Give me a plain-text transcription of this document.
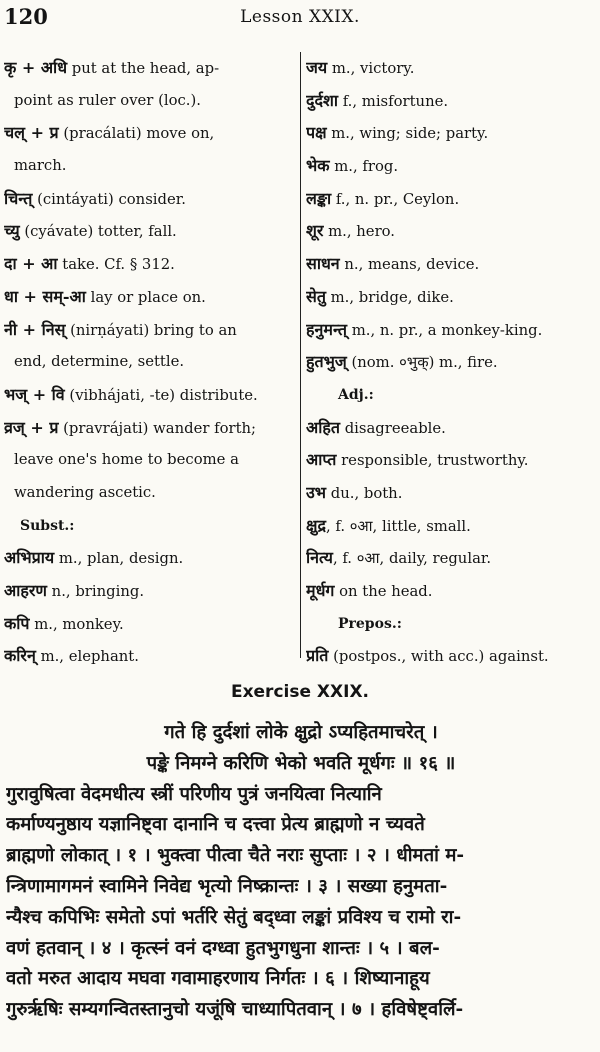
120	Lesson XXIX.
कृ + अधि put at the head, ap-
point as ruler over (loc.).
चल् + प्र (pracálati) move on,
march.
चिन्त् (cintáyati) consider.
च्यु (cyávate) totter, fall.
दा + आ take. Cf. § 312.
धा + सम्-आ lay or place on.
नी + निस् (nirṇáyati) bring to an
end, determine, settle.
भज् + वि (vibhájati, -te) distribute.
व्रज् + प्र (pravrájati) wander forth;
leave one's home to become a
wandering ascetic.
Subst.:
अभिप्राय m., plan, design.
आहरण n., bringing.
कपि m., monkey.
करिन् m., elephant.
जय m., victory.
दुर्दशा f., misfortune.
पक्ष m., wing; side; party.
भेक m., frog.
लङ्का f., n. pr., Ceylon.
शूर m., hero.
साधन n., means, device.
सेतु m., bridge, dike.
हनुमन्त् m., n. pr., a monkey-king.
हुतभुज् (nom. ०भुक्) m., fire.
Adj.:
अहित disagreeable.
आप्त responsible, trustworthy.
उभ du., both.
क्षुद्र, f. ०आ, little, small.
नित्य, f. ०आ, daily, regular.
मूर्धग on the head.
Prepos.:
प्रति (postpos., with acc.) against.
Exercise XXIX.
गते हि दुर्दशां लोके क्षुद्रो ऽप्यहितमाचरेत् ।
पङ्के निमग्ने करिणि भेको भवति मूर्धगः ॥ १६ ॥
गुरावुषित्वा वेदमधीत्य स्त्रीं परिणीय पुत्रं जनयित्वा नित्यानि
कर्माण्यनुष्ठाय यज्ञानिष्ट्वा दानानि च दत्त्वा प्रेत्य ब्राह्मणो न च्यवते
ब्राह्मणो लोकात् । १ । भुक्त्वा पीत्वा चैते नराः सुप्ताः । २ । धीमतां म-
न्त्रिणामागमनं स्वामिने निवेद्य भृत्यो निष्क्रान्तः । ३ । सख्या हनुमता-
न्यैश्च कपिभिः समेतो ऽपां भर्तरि सेतुं बद्ध्वा लङ्कां प्रविश्य च रामो रा-
वणं हतवान् । ४ । कृत्स्नं वनं दग्ध्वा हुतभुगधुना शान्तः । ५ । बल-
वतो मरुत आदाय मघवा गवामाहरणाय निर्गतः । ६ । शिष्यानाहूय
गुरुर्ऋषिः सम्यगन्वितस्तानुचो यजूंषि चाध्यापितवान् । ७ । हविषेष्ट्वर्लि-
